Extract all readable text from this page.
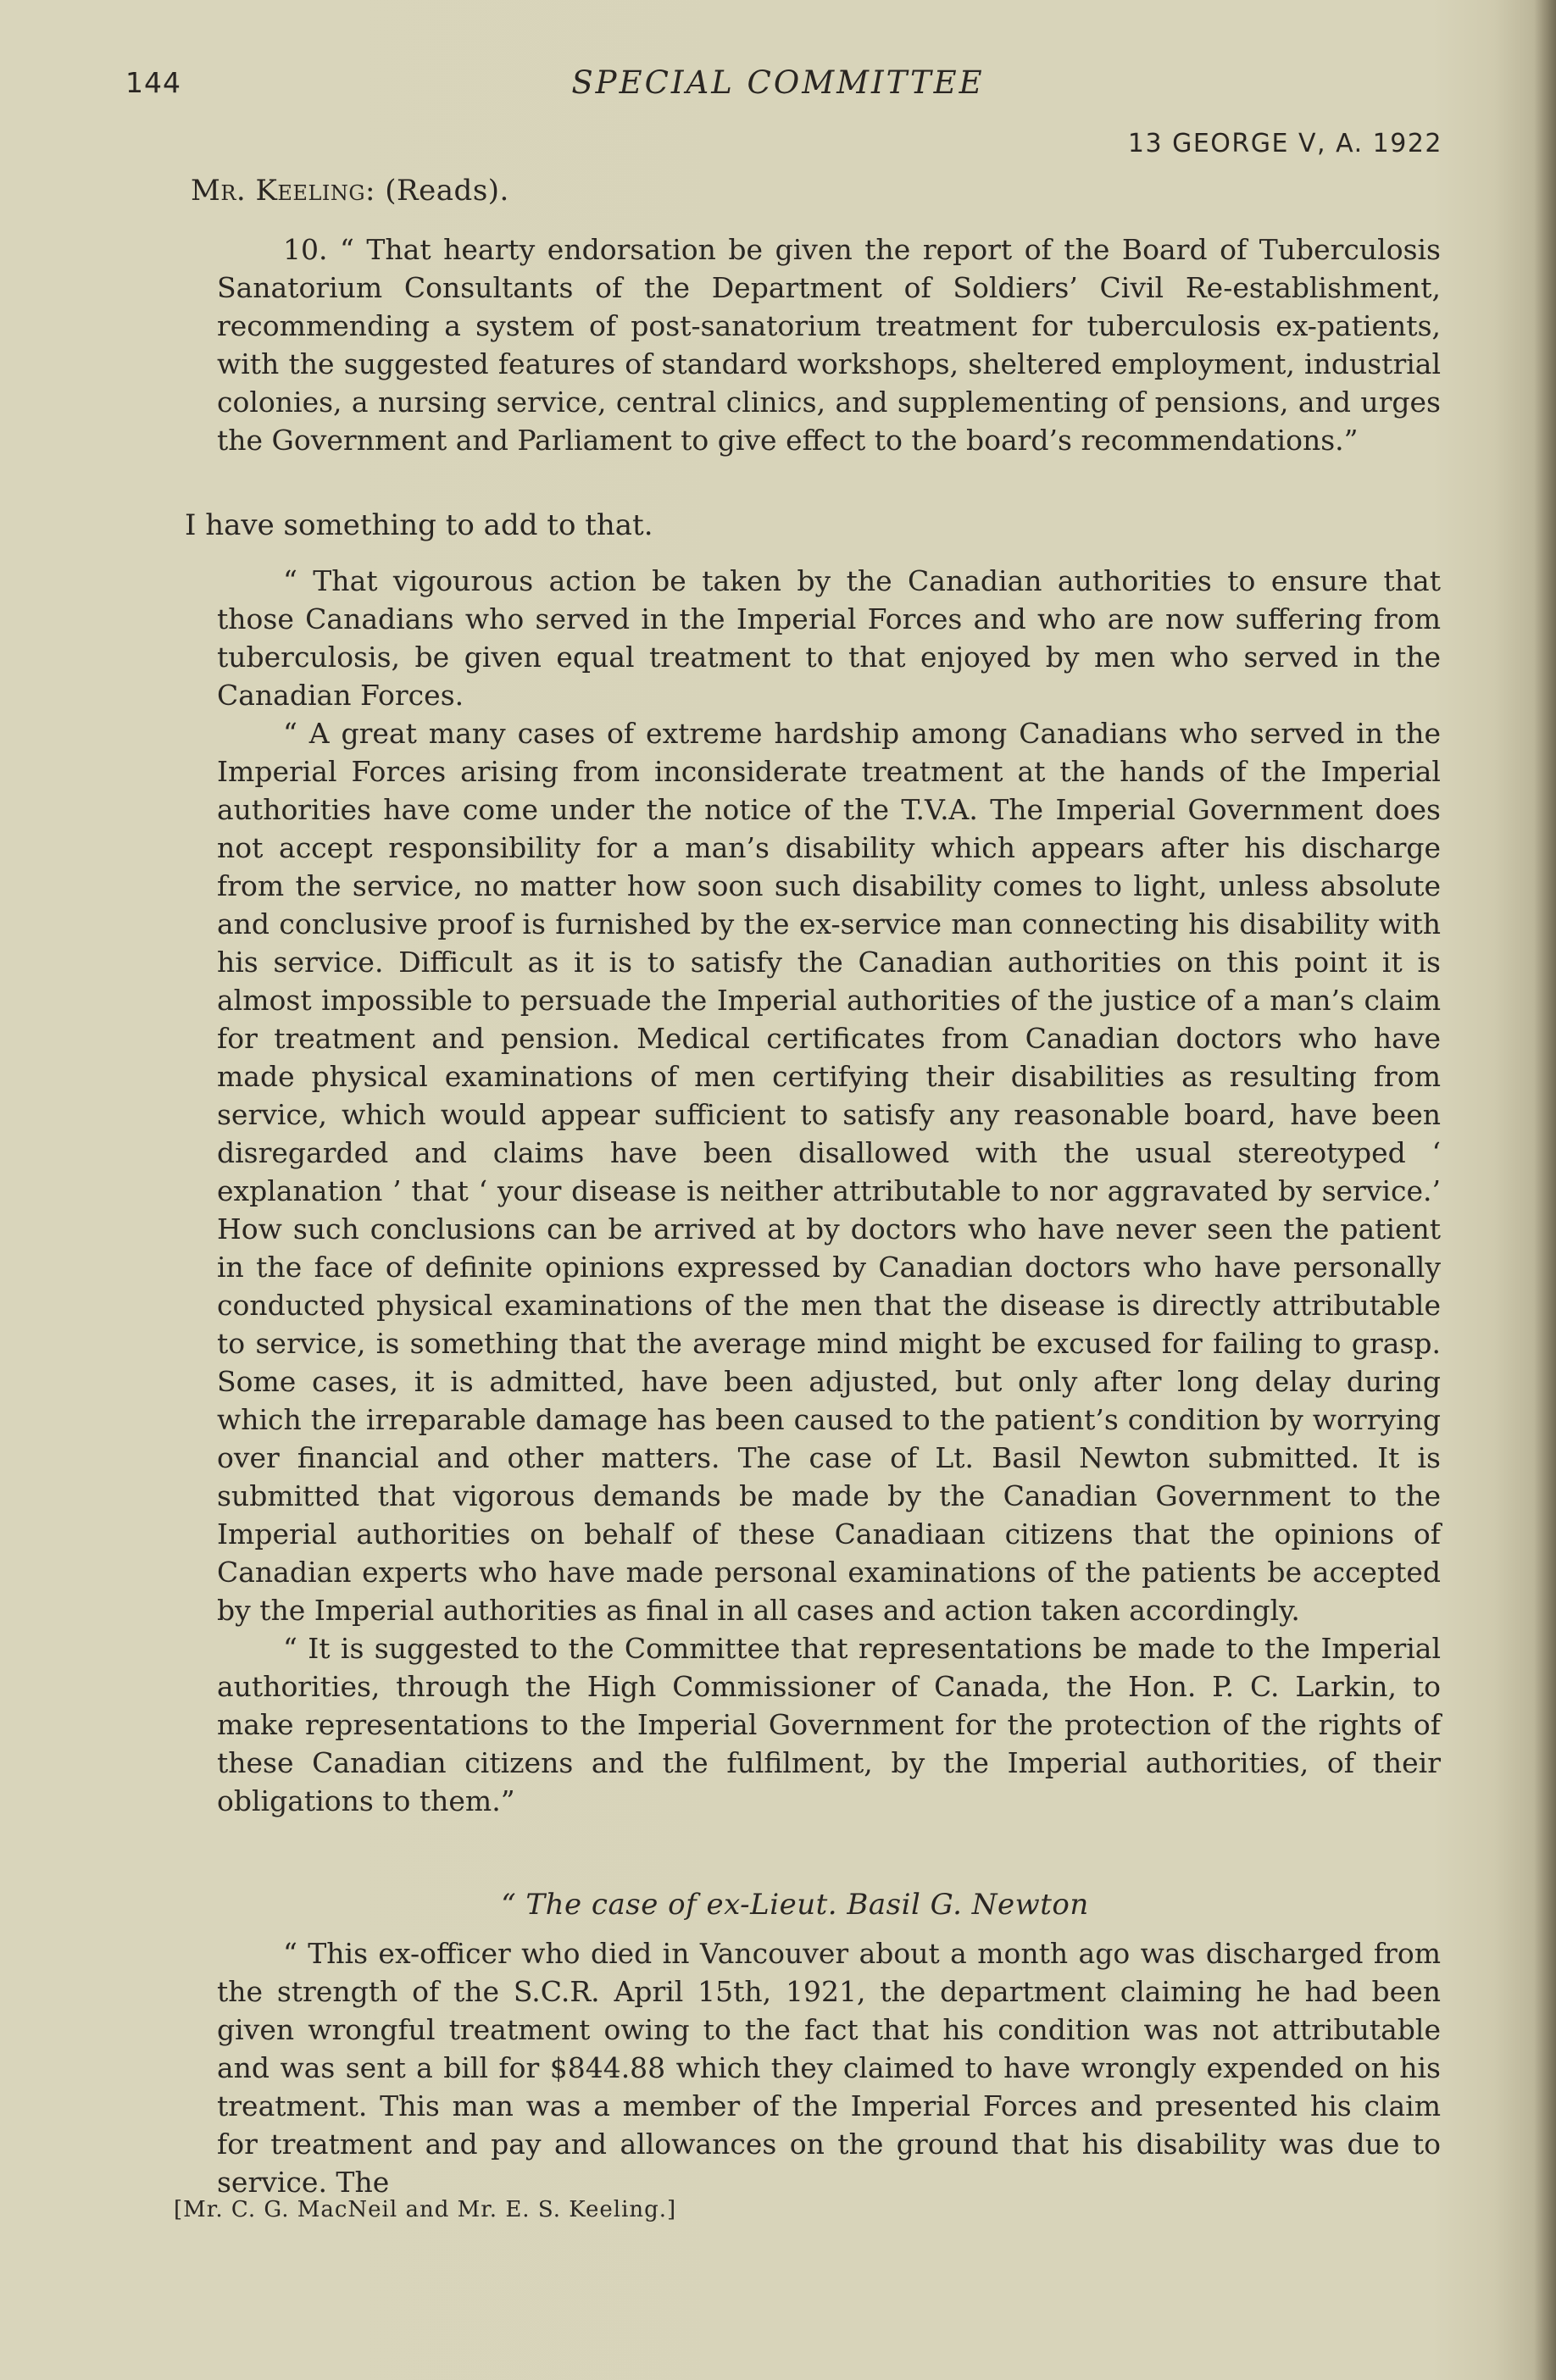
144	SPECIAL COMMITTEE
13 GEORGE V, A. 1922
Mr. Keeling: (Reads).

10. “ That hearty endorsation be given the report of the Board of Tuberculosis Sanatorium Consultants of the Department of Soldiers’ Civil Re-establishment, recommending a system of post-sanatorium treatment for tuberculosis ex-patients, with the suggested features of standard workshops, sheltered employment, industrial colonies, a nursing service, central clinics, and supplementing of pensions, and urges the Government and Parliament to give effect to the board’s recommendations.”

I have something to add to that.

“ That vigourous action be taken by the Canadian authorities to ensure that those Canadians who served in the Imperial Forces and who are now suffering from tuberculosis, be given equal treatment to that enjoyed by men who served in the Canadian Forces.

“ A great many cases of extreme hardship among Canadians who served in the Imperial Forces arising from inconsiderate treatment at the hands of the Imperial authorities have come under the notice of the T.V.A. The Imperial Government does not accept responsibility for a man’s disability which appears after his discharge from the service, no matter how soon such disability comes to light, unless absolute and conclusive proof is furnished by the ex-service man connecting his disability with his service. Difficult as it is to satisfy the Canadian authorities on this point it is almost impossible to persuade the Imperial authorities of the justice of a man’s claim for treatment and pension. Medical certificates from Canadian doctors who have made physical examinations of men certifying their disabilities as resulting from service, which would appear sufficient to satisfy any reasonable board, have been disregarded and claims have been disallowed with the usual stereotyped ‘ explanation ’ that ‘ your disease is neither attributable to nor aggravated by service.’ How such conclusions can be arrived at by doctors who have never seen the patient in the face of definite opinions expressed by Canadian doctors who have personally conducted physical examinations of the men that the disease is directly attributable to service, is something that the average mind might be excused for failing to grasp. Some cases, it is admitted, have been adjusted, but only after long delay during which the irreparable damage has been caused to the patient’s condition by worrying over financial and other matters. The case of Lt. Basil Newton submitted. It is submitted that vigorous demands be made by the Canadian Government to the Imperial authorities on behalf of these Canadiaan citizens that the opinions of Canadian experts who have made personal examinations of the patients be accepted by the Imperial authorities as final in all cases and action taken accordingly.

“ It is suggested to the Committee that representations be made to the Imperial authorities, through the High Commissioner of Canada, the Hon. P. C. Larkin, to make representations to the Imperial Government for the protection of the rights of these Canadian citizens and the fulfilment, by the Imperial authorities, of their obligations to them.”

“ The case of ex-Lieut. Basil G. Newton

“ This ex-officer who died in Vancouver about a month ago was discharged from the strength of the S.C.R. April 15th, 1921, the department claiming he had been given wrongful treatment owing to the fact that his condition was not attributable and was sent a bill for $844.88 which they claimed to have wrongly expended on his treatment. This man was a member of the Imperial Forces and presented his claim for treatment and pay and allowances on the ground that his disability was due to service. The

[Mr. C. G. MacNeil and Mr. E. S. Keeling.]
